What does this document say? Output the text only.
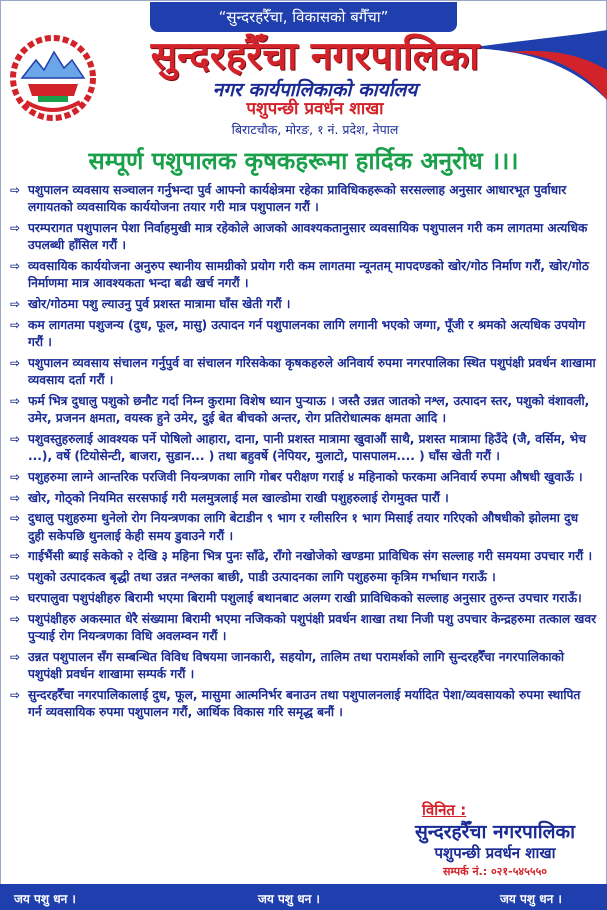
“सुन्दरहरैँचा, विकासको बगैँचा”
सुन्दरहरैँचा नगरपालिका
नगर कार्यपालिकाको कार्यालय
पशुपन्छी प्रवर्धन शाखा
बिराटचौक, मोरङ, १ नं. प्रदेश, नेपाल
सम्पूर्ण पशुपालक कृषकहरूमा हार्दिक अनुरोध ।।।
⇨ पशुपालन व्यवसाय सञ्चालन गर्नुभन्दा पुर्व आफ्नो कार्यक्षेत्रमा रहेका प्राविधिकहरूको सरसल्लाह अनुसार आधारभूत पुर्वाधार लगायतको व्यवसायिक कार्ययोजना तयार गरी मात्र पशुपालन गरौं ।
⇨ परम्परागत पशुपालन पेशा निर्वाहमुखी मात्र रहेकोले आजको आवश्यकतानुसार व्यवसायिक पशुपालन गरी कम लागतमा अत्यधिक उपलब्धी हाँसिल गरौं ।
⇨ व्यवसायिक कार्ययोजना अनुरुप स्थानीय सामग्रीको प्रयोग गरी कम लागतमा न्यूनतम् मापदण्डको खोर/गोठ निर्माण गरौं, खोर/गोठ निर्माणमा मात्र आवश्यकता भन्दा बढी खर्च नगरौं ।
⇨ खोर/गोठमा पशु ल्याउनु पुर्व प्रशस्त मात्रामा घाँस खेती गरौं ।
⇨ कम लागतमा पशुजन्य (दुध, फूल, मासु) उत्पादन गर्न पशुपालनका लागि लगानी भएको जग्गा, पूँजी र श्रमको अत्यधिक उपयोग गरौं ।
⇨ पशुपालन व्यवसाय संचालन गर्नुपुर्व वा संचालन गरिसकेका कृषकहरुले अनिवार्य रुपमा नगरपालिका स्थित पशुपंक्षी प्रवर्धन शाखामा व्यवसाय दर्ता गरौं ।
⇨ फर्म भित्र दुधालु पशुको छनौट गर्दा निम्न कुरामा विशेष ध्यान पुऱ्याऊ । जस्तै उन्नत जातको नश्ल, उत्पादन स्तर, पशुको वंशावली, उमेर, प्रजनन क्षमता, वयस्क हुने उमेर, दुई बेत बीचको अन्तर, रोग प्रतिरोधात्मक क्षमता आदि ।
⇨ पशुवस्तुहरुलाई आवश्यक पर्ने पोषिलो आहारा, दाना, पानी प्रशस्त मात्रामा खुवाऔं साथै, प्रशस्त मात्रामा हिउँदे (जै, वर्सिम, भेच ...), वर्षे (टियोसेन्टी, बाजरा, सुडान... ) तथा बहुवर्षे (नेपियर, मुलाटो, पासपालम.... ) घाँस खेती गरौं ।
⇨ पशुहरुमा लाग्ने आन्तरिक परजिवी नियन्त्रणका लागि गोबर परीक्षण गराई ४ महिनाको फरकमा अनिवार्य रुपमा औषधी खुवाऊँ ।
⇨ खोर, गोठ्को नियमित सरसफाई गरी मलमुत्रलाई मल खाल्डोमा राखी पशुहरुलाई रोगमुक्त पारौं ।
⇨ दुधालु पशुहरुमा थुनेलो रोग नियन्त्रणका लागि बेटाडीन ९ भाग र ग्लीसरिन १ भाग मिसाई तयार गरिएको औषधीको झोलमा दुध दुही सकेपछि थुनलाई केही समय डुवाउने गरौं ।
⇨ गाईभैंसी ब्याई सकेको २ देखि ३ महिना भित्र पुनः साँढे, राँगो नखोजेको खण्डमा प्राविधिक संग सल्लाह गरी समयमा उपचार गरौं ।
⇨ पशुको उत्पादकत्व बृद्धी तथा उन्नत नश्लका बाछी, पाडी उत्पादनका लागि पशुहरुमा कृत्रिम गर्भाधान गराऊँ ।
⇨ घरपालुवा पशुपंक्षीहरु बिरामी भएमा बिरामी पशुलाई बथानबाट अलग्ग राखी प्राविधिकको सल्लाह अनुसार तुरुन्त उपचार गराऊँ।
⇨ पशुपंक्षीहरु अकस्मात धेरै संख्यामा बिरामी भएमा नजिकको पशुपंक्षी प्रवर्धन शाखा तथा निजी पशु उपचार केन्द्रहरुमा तत्काल खवर पुऱ्याई रोग नियन्त्रणका विधि अवलम्वन गरौं ।
⇨ उन्नत पशुपालन सँग सम्बन्धित विविध विषयमा जानकारी, सहयोग, तालिम तथा परामर्शको लागि सुन्दरहरैँचा नगरपालिकाको पशुपंक्षी प्रवर्धन शाखामा सम्पर्क गरौं ।
⇨ सुन्दरहरैँचा नगरपालिकालाई दुध, फूल, मासुमा आत्मनिर्भर बनाउन तथा पशुपालनलाई मर्यादित पेशा/व्यवसायको रुपमा स्थापित गर्न व्यवसायिक रुपमा पशुपालन गरौं, आर्थिक विकास गरि समृद्ध बनौं ।
विनित :
सुन्दरहरैँचा नगरपालिका
पशुपन्छी प्रवर्धन शाखा
सम्पर्क नं.: ०२१-५४५५५०
जय पशु धन ।	जय पशु धन ।	जय पशु धन ।
